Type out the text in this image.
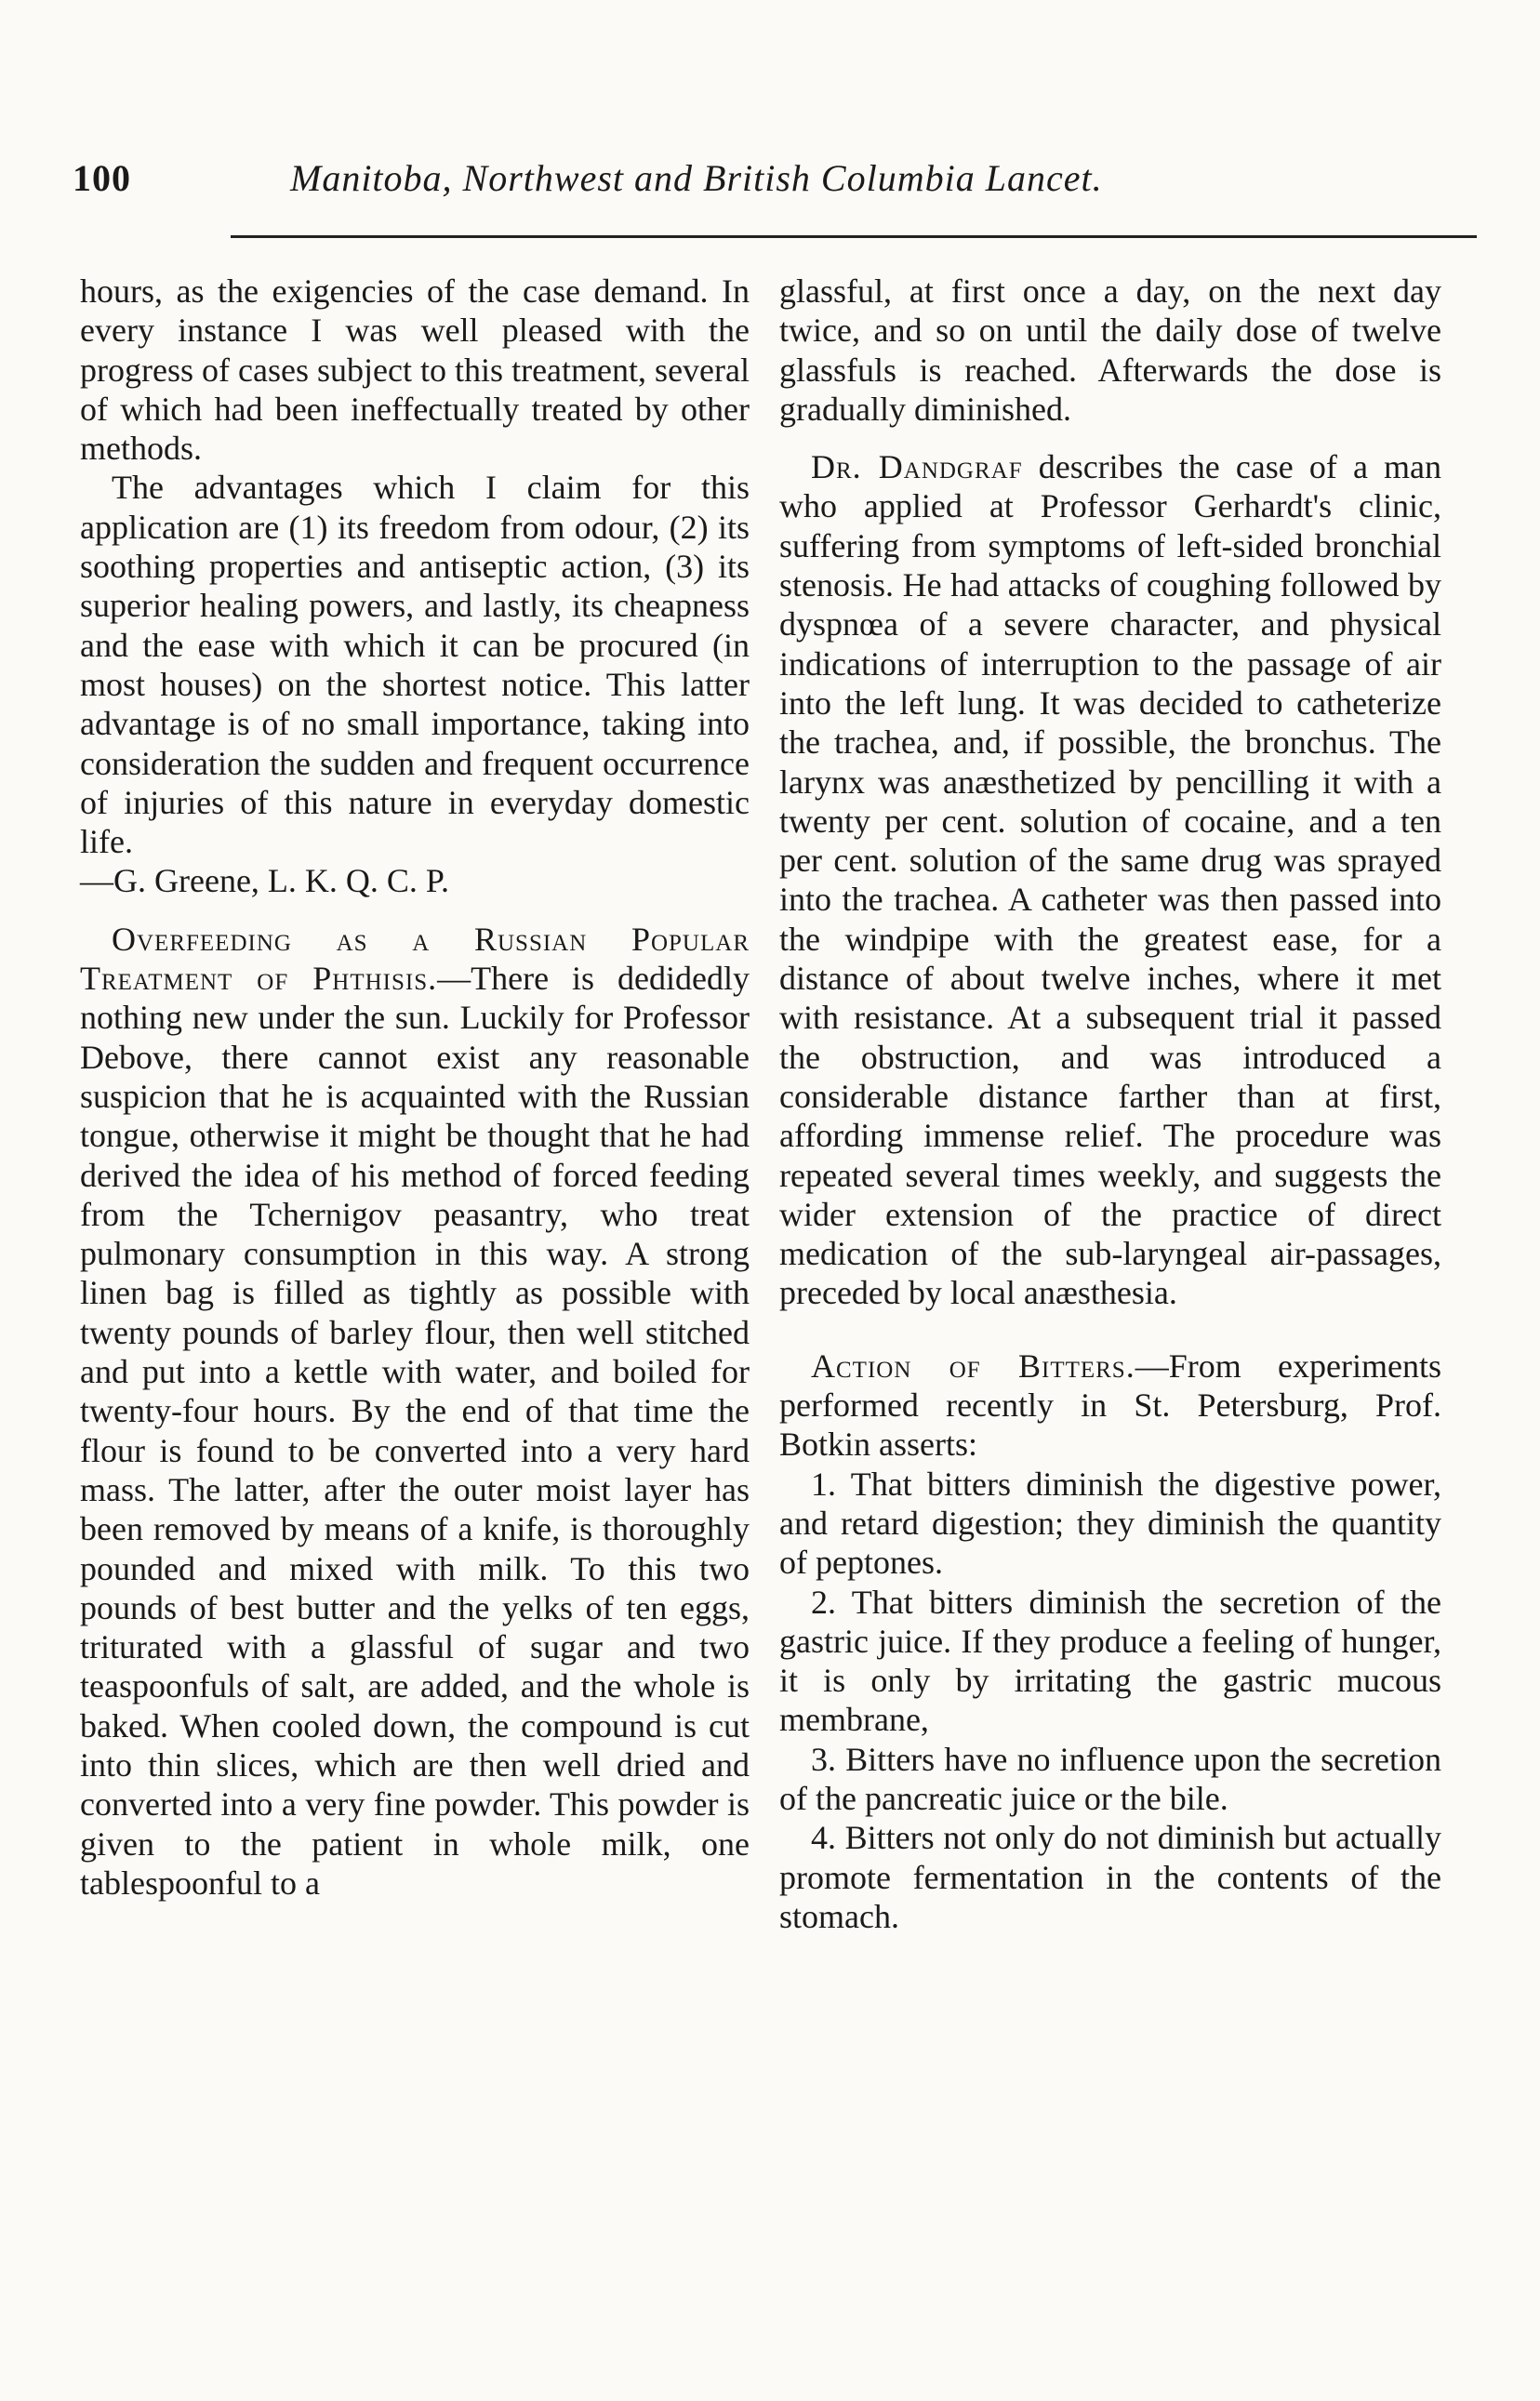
100	Manitoba, Northwest and British Columbia Lancet.

hours, as the exigencies of the case demand. In every instance I was well pleased with the progress of cases subject to this treatment, several of which had been ineffectually treated by other methods.

The advantages which I claim for this application are (1) its freedom from odour, (2) its soothing properties and antiseptic action, (3) its superior healing powers, and lastly, its cheapness and the ease with which it can be procured (in most houses) on the shortest notice. This latter advantage is of no small importance, taking into consideration the sudden and frequent occurrence of injuries of this nature in everyday domestic life.

—G. Greene, L. K. Q. C. P.

Overfeeding as a Russian Popular Treatment of Phthisis.—There is dedidedly nothing new under the sun. Luckily for Professor Debove, there cannot exist any reasonable suspicion that he is acquainted with the Russian tongue, otherwise it might be thought that he had derived the idea of his method of forced feeding from the Tchernigov peasantry, who treat pulmonary consumption in this way. A strong linen bag is filled as tightly as possible with twenty pounds of barley flour, then well stitched and put into a kettle with water, and boiled for twenty-four hours. By the end of that time the flour is found to be converted into a very hard mass. The latter, after the outer moist layer has been removed by means of a knife, is thoroughly pounded and mixed with milk. To this two pounds of best butter and the yelks of ten eggs, triturated with a glassful of sugar and two teaspoonfuls of salt, are added, and the whole is baked. When cooled down, the compound is cut into thin slices, which are then well dried and converted into a very fine powder. This powder is given to the patient in whole milk, one tablespoonful to a

glassful, at first once a day, on the next day twice, and so on until the daily dose of twelve glassfuls is reached. Afterwards the dose is gradually diminished.

Dr. Dandgraf describes the case of a man who applied at Professor Gerhardt's clinic, suffering from symptoms of left-sided bronchial stenosis. He had attacks of coughing followed by dyspnœa of a severe character, and physical indications of interruption to the passage of air into the left lung. It was decided to catheterize the trachea, and, if possible, the bronchus. The larynx was anæsthetized by pencilling it with a twenty per cent. solution of cocaine, and a ten per cent. solution of the same drug was sprayed into the trachea. A catheter was then passed into the windpipe with the greatest ease, for a distance of about twelve inches, where it met with resistance. At a subsequent trial it passed the obstruction, and was introduced a considerable distance farther than at first, affording immense relief. The procedure was repeated several times weekly, and suggests the wider extension of the practice of direct medication of the sub-laryngeal air-passages, preceded by local anæsthesia.

Action of Bitters.—From experiments performed recently in St. Petersburg, Prof. Botkin asserts:

1. That bitters diminish the digestive power, and retard digestion; they diminish the quantity of peptones.

2. That bitters diminish the secretion of the gastric juice. If they produce a feeling of hunger, it is only by irritating the gastric mucous membrane,

3. Bitters have no influence upon the secretion of the pancreatic juice or the bile.

4. Bitters not only do not diminish but actually promote fermentation in the contents of the stomach.
